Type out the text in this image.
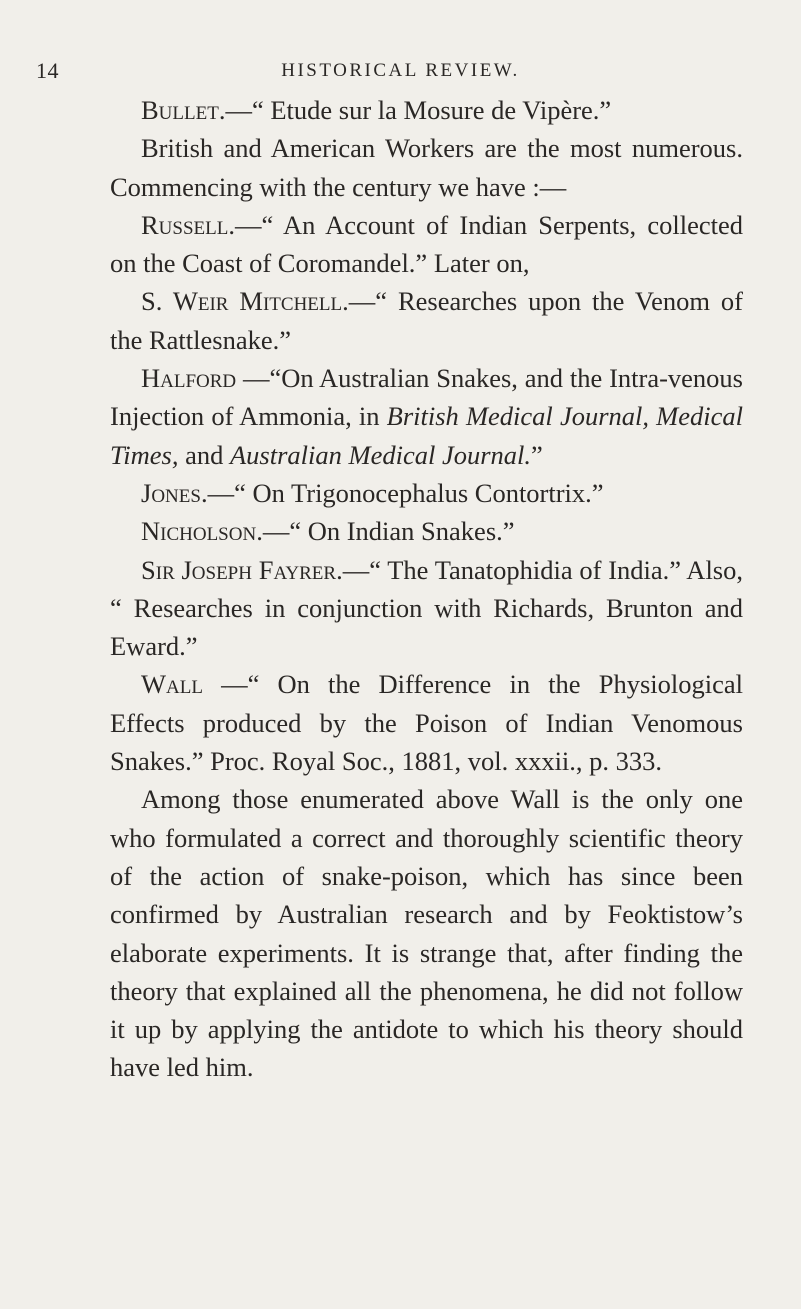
14	HISTORICAL REVIEW.

Bullet.—“ Etude sur la Mosure de Vipère.”

British and American Workers are the most numerous. Commencing with the century we have :—

Russell.—“ An Account of Indian Serpents, collected on the Coast of Coromandel.” Later on,

S. Weir Mitchell.—“ Researches upon the Venom of the Rattlesnake.”

Halford —“On Australian Snakes, and the Intra-venous Injection of Ammonia, in British Medical Journal, Medical Times, and Australian Medical Journal.”

Jones.—“ On Trigonocephalus Contortrix.”

Nicholson.—“ On Indian Snakes.”

Sir Joseph Fayrer.—“ The Tanatophidia of India.” Also, “ Researches in conjunction with Richards, Brunton and Eward.”

Wall —“ On the Difference in the Physiological Effects produced by the Poison of Indian Venomous Snakes.” Proc. Royal Soc., 1881, vol. xxxii., p. 333.

Among those enumerated above Wall is the only one who formulated a correct and thoroughly scientific theory of the action of snake-poison, which has since been confirmed by Australian research and by Feoktistow’s elaborate experiments. It is strange that, after finding the theory that explained all the phenomena, he did not follow it up by applying the antidote to which his theory should have led him.
